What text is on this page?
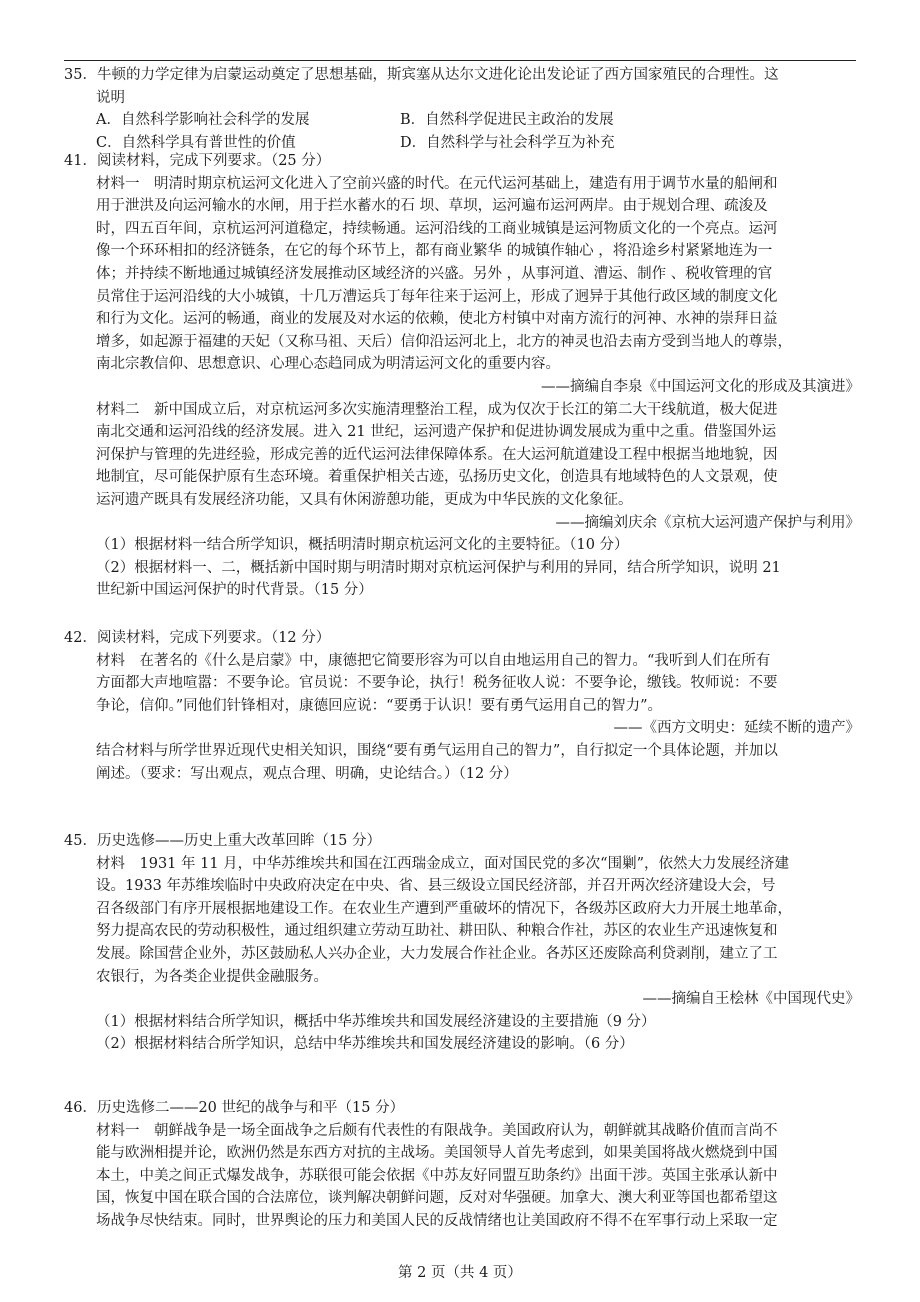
35．牛顿的力学定律为启蒙运动奠定了思想基础，斯宾塞从达尔文进化论出发论证了西方国家殖民的合理性。这
说明
A．自然科学影响社会科学的发展	B．自然科学促进民主政治的发展
C．自然科学具有普世性的价值	D．自然科学与社会科学互为补充
41．阅读材料，完成下列要求。（25 分）
材料一　明清时期京杭运河文化进入了空前兴盛的时代。在元代运河基础上，建造有用于调节水量的船闸和
用于泄洪及向运河输水的水闸，用于拦水蓄水的石 坝、草坝，运河遍布运河两岸。由于规划合理、疏浚及
时，四五百年间，京杭运河河道稳定，持续畅通。运河沿线的工商业城镇是运河物质文化的一个亮点。运河
像一个环环相扣的经济链条，在它的每个环节上，都有商业繁华 的城镇作轴心 ，将沿途乡村紧紧地连为一
体；并持续不断地通过城镇经济发展推动区域经济的兴盛。另外 ，从事河道、漕运、制作 、税收管理的官
员常住于运河沿线的大小城镇，十几万漕运兵丁每年往来于运河上，形成了迥异于其他行政区域的制度文化
和行为文化。运河的畅通，商业的发展及对水运的依赖，使北方村镇中对南方流行的河神、水神的崇拜日益
增多，如起源于福建的天妃（又称马祖、天后）信仰沿运河北上，北方的神灵也沿去南方受到当地人的尊崇，
南北宗教信仰、思想意识、心理心态趋同成为明清运河文化的重要内容。
——摘编自李泉《中国运河文化的形成及其演进》
材料二　新中国成立后，对京杭运河多次实施清理整治工程，成为仅次于长江的第二大干线航道，极大促进
南北交通和运河沿线的经济发展。进入 21 世纪，运河遗产保护和促进协调发展成为重中之重。借鉴国外运
河保护与管理的先进经验，形成完善的近代运河法律保障体系。在大运河航道建设工程中根据当地地貌，因
地制宜，尽可能保护原有生态环境。着重保护相关古迹，弘扬历史文化，创造具有地域特色的人文景观，使
运河遗产既具有发展经济功能，又具有休闲游憩功能，更成为中华民族的文化象征。
——摘编刘庆余《京杭大运河遗产保护与利用》
（1）根据材料一结合所学知识，概括明清时期京杭运河文化的主要特征。（10 分）
（2）根据材料一、二，概括新中国时期与明清时期对京杭运河保护与利用的异同，结合所学知识，说明 21
世纪新中国运河保护的时代背景。（15 分）
42．阅读材料，完成下列要求。（12 分）
材料　在著名的《什么是启蒙》中，康德把它简要形容为可以自由地运用自己的智力。“我听到人们在所有
方面都大声地喧嚣：不要争论。官员说：不要争论，执行！税务征收人说：不要争论，缴钱。牧师说：不要
争论，信仰。”同他们针锋相对，康德回应说：“要勇于认识！要有勇气运用自己的智力”。
——《西方文明史：延续不断的遗产》
结合材料与所学世界近现代史相关知识，围绕“要有勇气运用自己的智力”，自行拟定一个具体论题，并加以
阐述。（要求：写出观点，观点合理、明确，史论结合。）（12 分）
45．历史选修——历史上重大改革回眸（15 分）
材料　1931 年 11 月，中华苏维埃共和国在江西瑞金成立，面对国民党的多次“围剿”，依然大力发展经济建
设。1933 年苏维埃临时中央政府决定在中央、省、县三级设立国民经济部，并召开两次经济建设大会，号
召各级部门有序开展根据地建设工作。在农业生产遭到严重破坏的情况下，各级苏区政府大力开展土地革命，
努力提高农民的劳动积极性，通过组织建立劳动互助社、耕田队、种粮合作社，苏区的农业生产迅速恢复和
发展。除国营企业外，苏区鼓励私人兴办企业，大力发展合作社企业。各苏区还废除高利贷剥削，建立了工
农银行，为各类企业提供金融服务。
——摘编自王桧林《中国现代史》
（1）根据材料结合所学知识，概括中华苏维埃共和国发展经济建设的主要措施（9 分）
（2）根据材料结合所学知识，总结中华苏维埃共和国发展经济建设的影响。（6 分）
46．历史选修二——20 世纪的战争与和平（15 分）
材料一　朝鲜战争是一场全面战争之后颇有代表性的有限战争。美国政府认为，朝鲜就其战略价值而言尚不
能与欧洲相提并论，欧洲仍然是东西方对抗的主战场。美国领导人首先考虑到，如果美国将战火燃烧到中国
本土，中美之间正式爆发战争，苏联很可能会依据《中苏友好同盟互助条约》出面干涉。英国主张承认新中
国，恢复中国在联合国的合法席位，谈判解决朝鲜问题，反对对华强硬。加拿大、澳大利亚等国也都希望这
场战争尽快结束。同时，世界舆论的压力和美国人民的反战情绪也让美国政府不得不在军事行动上采取一定
第 2 页（共 4 页）
